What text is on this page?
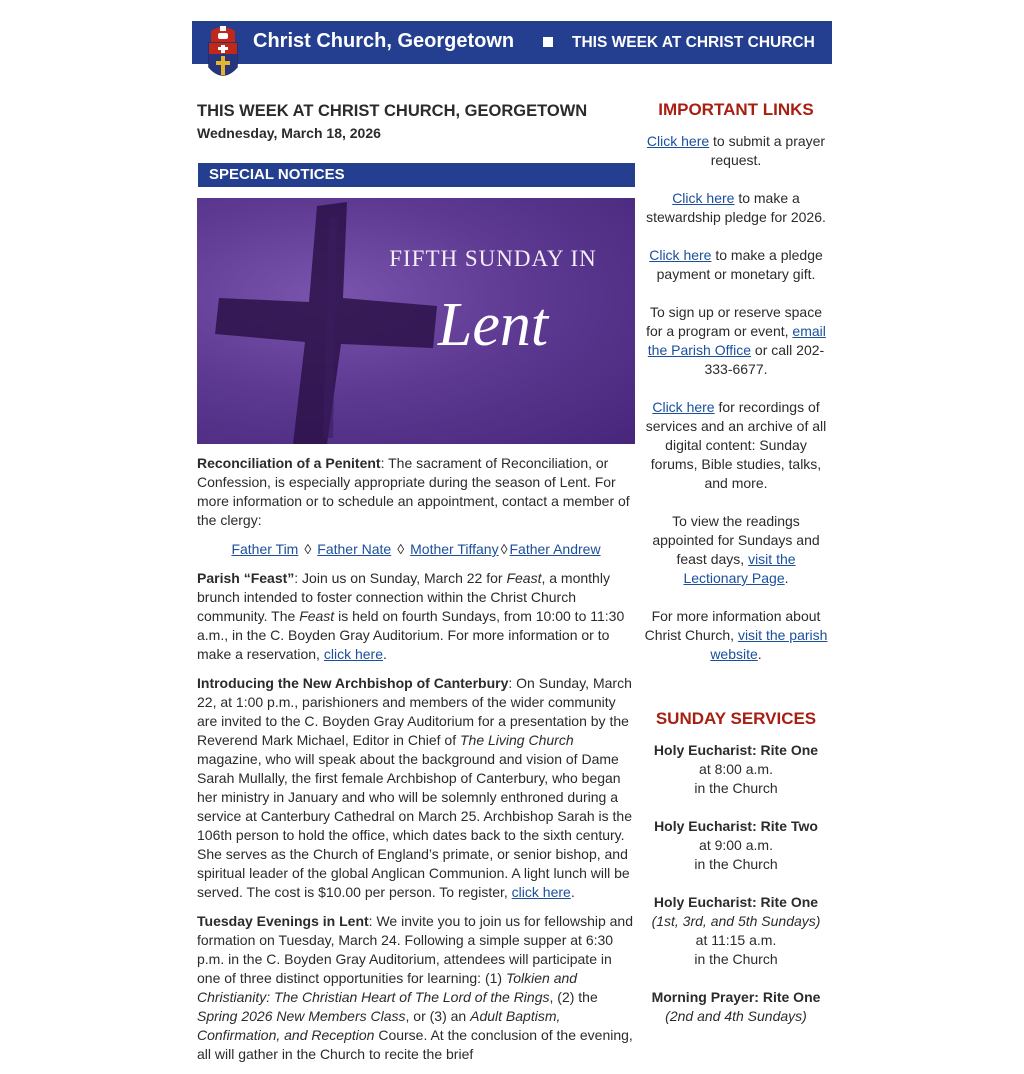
Christ Church, Georgetown	THIS WEEK AT CHRIST CHURCH
THIS WEEK AT CHRIST CHURCH, GEORGETOWN
Wednesday, March 18, 2026
SPECIAL NOTICES
FIFTH SUNDAY IN
Lent

Reconciliation of a Penitent: The sacrament of Reconciliation, or Confession, is especially appropriate during the season of Lent. For more information or to schedule an appointment, contact a member of the clergy:

Father Tim ◊ Father Nate ◊ Mother Tiffany ◊ Father Andrew

Parish “Feast”: Join us on Sunday, March 22 for Feast, a monthly brunch intended to foster connection within the Christ Church community. The Feast is held on fourth Sundays, from 10:00 to 11:30 a.m., in the C. Boyden Gray Auditorium. For more information or to make a reservation, click here.

Introducing the New Archbishop of Canterbury: On Sunday, March 22, at 1:00 p.m., parishioners and members of the wider community are invited to the C. Boyden Gray Auditorium for a presentation by the Reverend Mark Michael, Editor in Chief of The Living Church magazine, who will speak about the background and vision of Dame Sarah Mullally, the first female Archbishop of Canterbury, who began her ministry in January and who will be solemnly enthroned during a service at Canterbury Cathedral on March 25. Archbishop Sarah is the 106th person to hold the office, which dates back to the sixth century. She serves as the Church of England’s primate, or senior bishop, and spiritual leader of the global Anglican Communion. A light lunch will be served. The cost is $10.00 per person. To register, click here.

Tuesday Evenings in Lent: We invite you to join us for fellowship and formation on Tuesday, March 24. Following a simple supper at 6:30 p.m. in the C. Boyden Gray Auditorium, attendees will participate in one of three distinct opportunities for learning: (1) Tolkien and Christianity: The Christian Heart of The Lord of the Rings, (2) the Spring 2026 New Members Class, or (3) an Adult Baptism, Confirmation, and Reception Course. At the conclusion of the evening, all will gather in the Church to recite the brief

IMPORTANT LINKS

Click here to submit a prayer request.

Click here to make a stewardship pledge for 2026.

Click here to make a pledge payment or monetary gift.

To sign up or reserve space for a program or event, email the Parish Office or call 202-333-6677.

Click here for recordings of services and an archive of all digital content: Sunday forums, Bible studies, talks, and more.

To view the readings appointed for Sundays and feast days, visit the Lectionary Page.

For more information about Christ Church, visit the parish website.

SUNDAY SERVICES
Holy Eucharist: Rite One
at 8:00 a.m.
in the Church
Holy Eucharist: Rite Two
at 9:00 a.m.
in the Church
Holy Eucharist: Rite One
(1st, 3rd, and 5th Sundays)
at 11:15 a.m.
in the Church
Morning Prayer: Rite One
(2nd and 4th Sundays)
